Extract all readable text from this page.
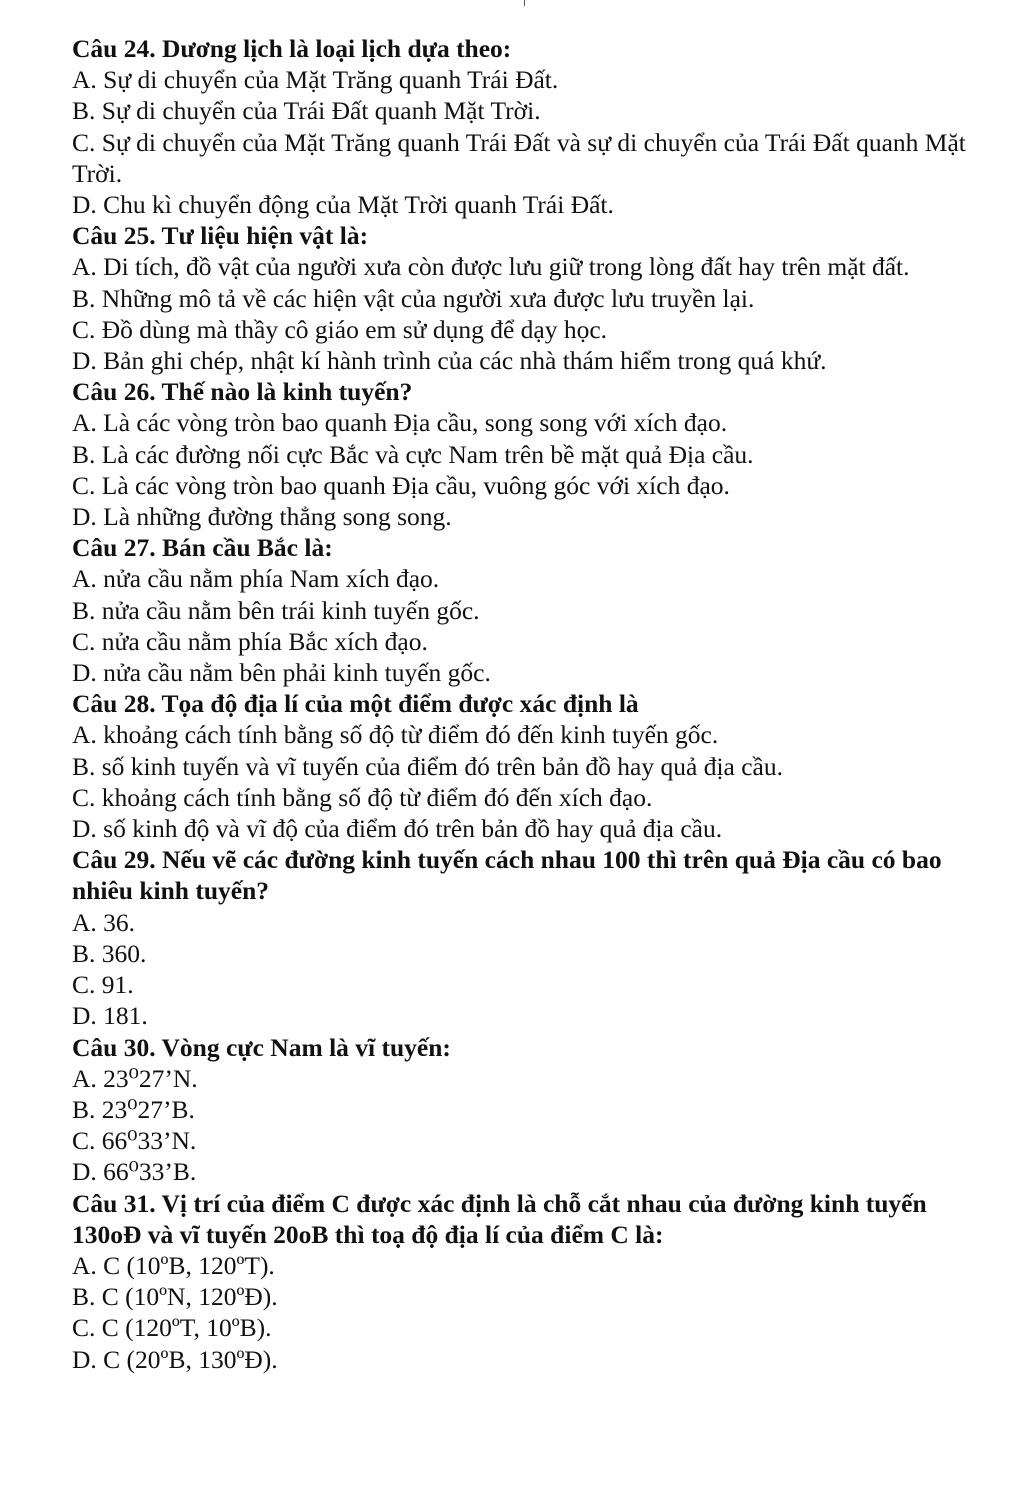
Câu 24. Dương lịch là loại lịch dựa theo:

A. Sự di chuyển của Mặt Trăng quanh Trái Đất.

B. Sự di chuyển của Trái Đất quanh Mặt Trời.

C. Sự di chuyển của Mặt Trăng quanh Trái Đất và sự di chuyển của Trái Đất quanh Mặt Trời.

D. Chu kì chuyển động của Mặt Trời quanh Trái Đất.

Câu 25. Tư liệu hiện vật là:

A. Di tích, đồ vật của người xưa còn được lưu giữ trong lòng đất hay trên mặt đất.

B. Những mô tả về các hiện vật của người xưa được lưu truyền lại.

C. Đồ dùng mà thầy cô giáo em sử dụng để dạy học.

D. Bản ghi chép, nhật kí hành trình của các nhà thám hiểm trong quá khứ.

Câu 26. Thế nào là kinh tuyến?

A. Là các vòng tròn bao quanh Địa cầu, song song với xích đạo.

B. Là các đường nối cực Bắc và cực Nam trên bề mặt quả Địa cầu.

C. Là các vòng tròn bao quanh Địa cầu, vuông góc với xích đạo.

D. Là những đường thẳng song song.

Câu 27. Bán cầu Bắc là:

A. nửa cầu nằm phía Nam xích đạo.

B. nửa cầu nằm bên trái kinh tuyến gốc.

C. nửa cầu nằm phía Bắc xích đạo.

D. nửa cầu nằm bên phải kinh tuyến gốc.

Câu 28. Tọa độ địa lí của một điểm được xác định là

A. khoảng cách tính bằng số độ từ điểm đó đến kinh tuyến gốc.

B. số kinh tuyến và vĩ tuyến của điểm đó trên bản đồ hay quả địa cầu.

C. khoảng cách tính bằng số độ từ điểm đó đến xích đạo.

D. số kinh độ và vĩ độ của điểm đó trên bản đồ hay quả địa cầu.

Câu 29. Nếu vẽ các đường kinh tuyến cách nhau 100 thì trên quả Địa cầu có bao nhiêu kinh tuyến?

A. 36.

B. 360.

C. 91.

D. 181.

Câu 30. Vòng cực Nam là vĩ tuyến:

A. 23⁰27’N.

B. 23⁰27’B.

C. 66⁰33’N.

D. 66⁰33’B.

Câu 31. Vị trí của điểm C được xác định là chỗ cắt nhau của đường kinh tuyến 130oĐ và vĩ tuyến 20oB thì toạ độ địa lí của điểm C là:

A. C (10ºB, 120ºT).

B. C (10ºN, 120ºĐ).

C. C (120ºT, 10ºB).

D. C (20ºB, 130ºĐ).
